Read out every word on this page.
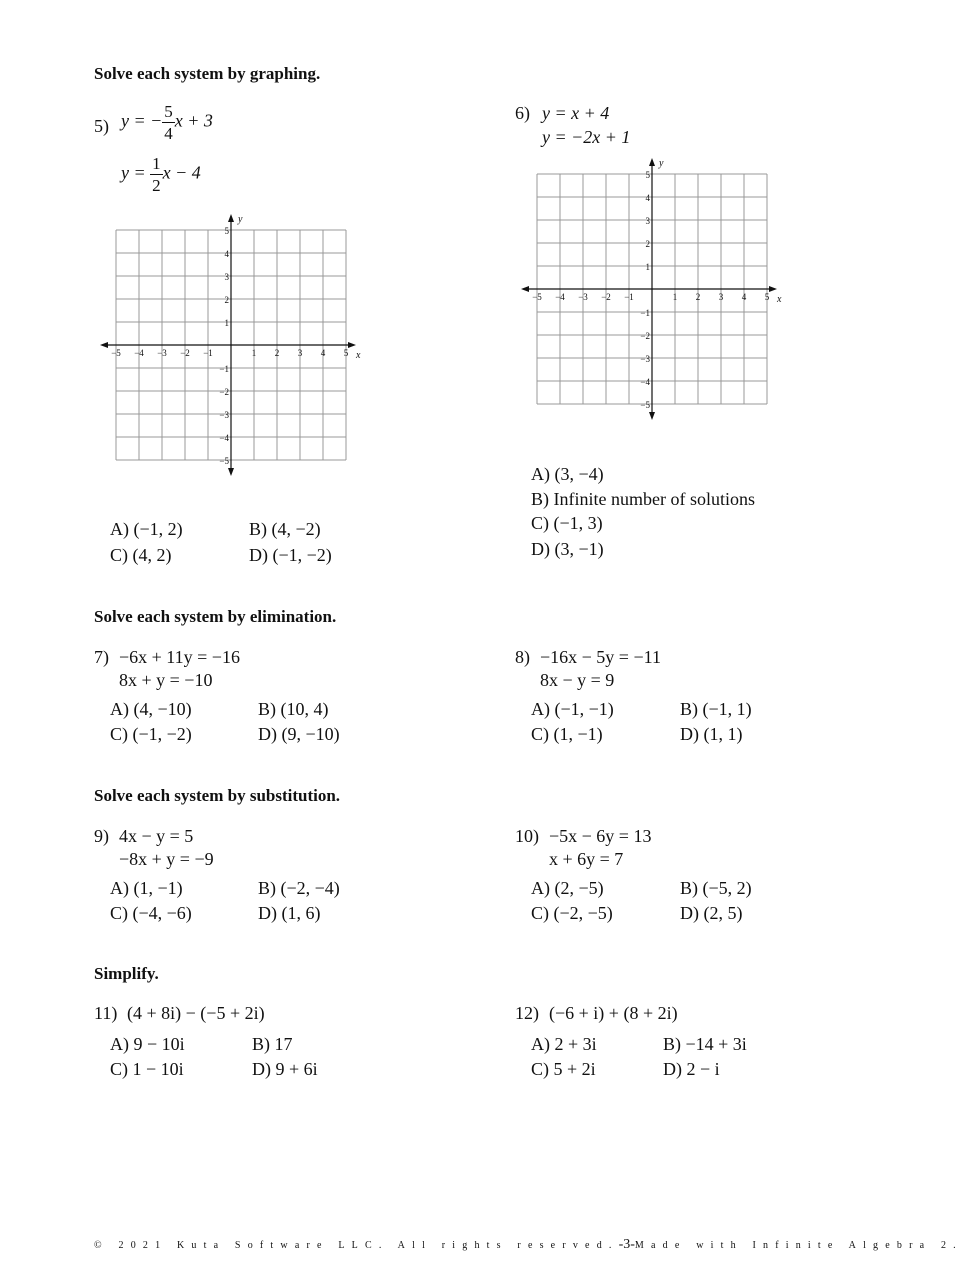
Solve each system by graphing.
Solve each system by elimination.
Solve each system by substitution.
Simplify.
5) y = − $\frac{5}{4}$ x + 3
$y = \frac{1}{2}$ x − 4
−5 −4 −3 −2 −1	1 2 3 4 5
5
4
3
2
1
−1
−2
−3
−4
−5
x
y
A) (−1, 2)	B) (4, −2)
C) (4, 2)	D) (−1, −2)
6) y = x + 4
y = −2x + 1
−5 −4 −3 −2 −1	1 2 3 4 5
5
4
3
2
1
−1
−2
−3
−4
−5
x
y
A) (3, −4)
B) Infinite number of solutions
C) (−1, 3)
D) (3, −1)
7) −6x + 11y = −16
8x + y = −10
A) (4, −10)	B) (10, 4)
C) (−1, −2)	D) (9, −10)
8) −16x − 5y = −11
8x − y = 9
A) (−1, −1)	B) (−1, 1)
C) (1, −1)	D) (1, 1)
9) 4x − y = 5
−8x + y = −9
A) (1, −1)	B) (−2, −4)
C) (−4, −6)	D) (1, 6)
10) −5x − 6y = 13
x + 6y = 7
A) (2, −5)	B) (−5, 2)
C) (−2, −5)	D) (2, 5)
11) (4 + 8i) − (−5 + 2i)
A) 9 − 10i	B) 17
C) 1 − 10i	D) 9 + 6i
12) (−6 + i) + (8 + 2i)
A) 2 + 3i	B) −14 + 3i
C) 5 + 2i	D) 2 − i
© 2021 Kuta Software LLC. All rights reserved.-3-Made with Infinite Algebra 2.
